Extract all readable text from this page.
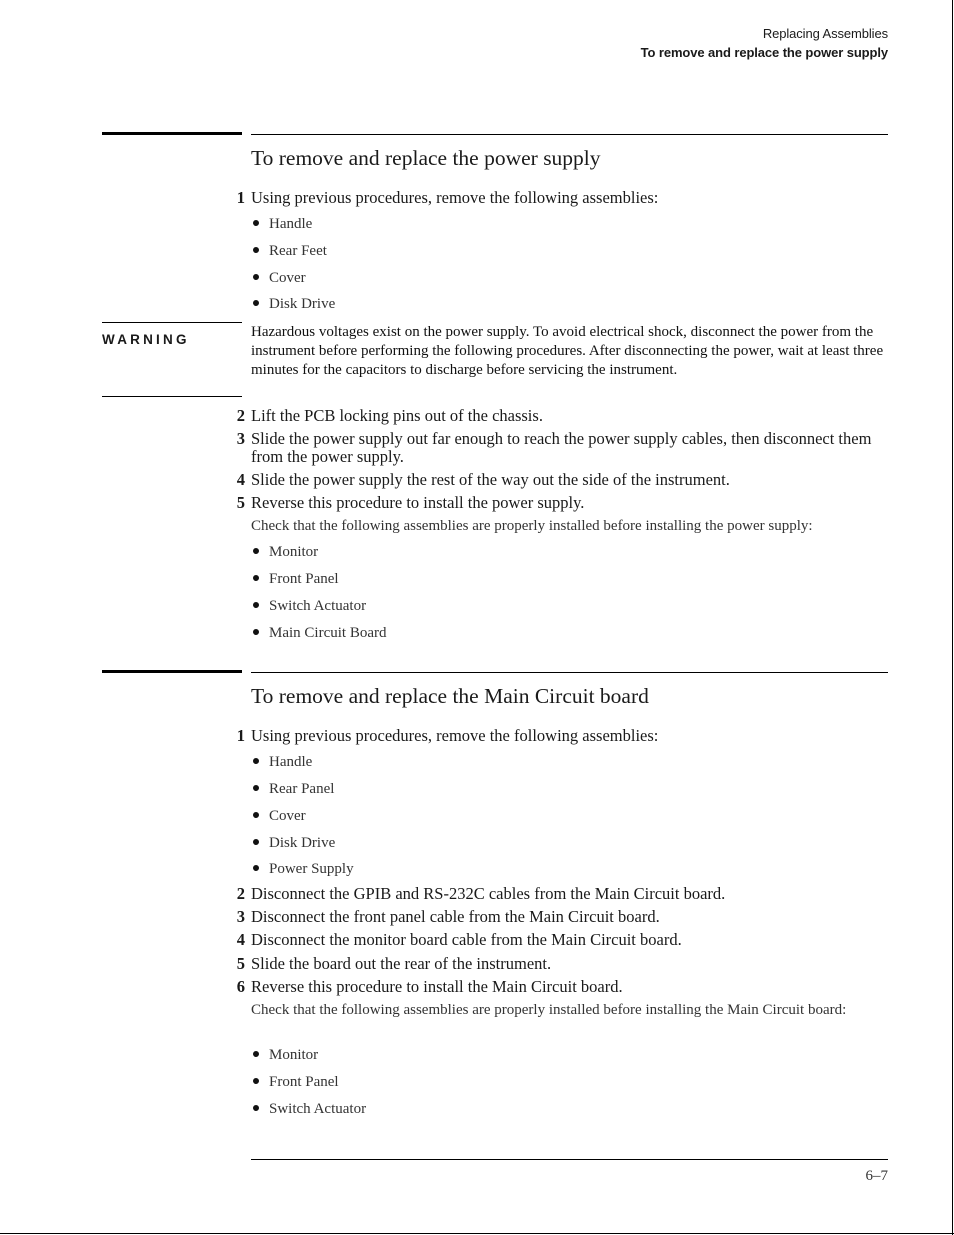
Replacing Assemblies
To remove and replace the power supply
To remove and replace the power supply
1 Using previous procedures, remove the following assemblies:
Handle
Rear Feet
Cover
Disk Drive
WARNING	Hazardous voltages exist on the power supply. To avoid electrical shock, disconnect the power from the instrument before performing the following procedures. After disconnecting the power, wait at least three minutes for the capacitors to discharge before servicing the instrument.
2 Lift the PCB locking pins out of the chassis.
3 Slide the power supply out far enough to reach the power supply cables, then disconnect them from the power supply.
4 Slide the power supply the rest of the way out the side of the instrument.
5 Reverse this procedure to install the power supply.
Check that the following assemblies are properly installed before installing the power supply:
Monitor
Front Panel
Switch Actuator
Main Circuit Board
To remove and replace the Main Circuit board
1 Using previous procedures, remove the following assemblies:
Handle
Rear Panel
Cover
Disk Drive
Power Supply
2 Disconnect the GPIB and RS-232C cables from the Main Circuit board.
3 Disconnect the front panel cable from the Main Circuit board.
4 Disconnect the monitor board cable from the Main Circuit board.
5 Slide the board out the rear of the instrument.
6 Reverse this procedure to install the Main Circuit board.
Check that the following assemblies are properly installed before installing the Main Circuit board:
Monitor
Front Panel
Switch Actuator
6–7
